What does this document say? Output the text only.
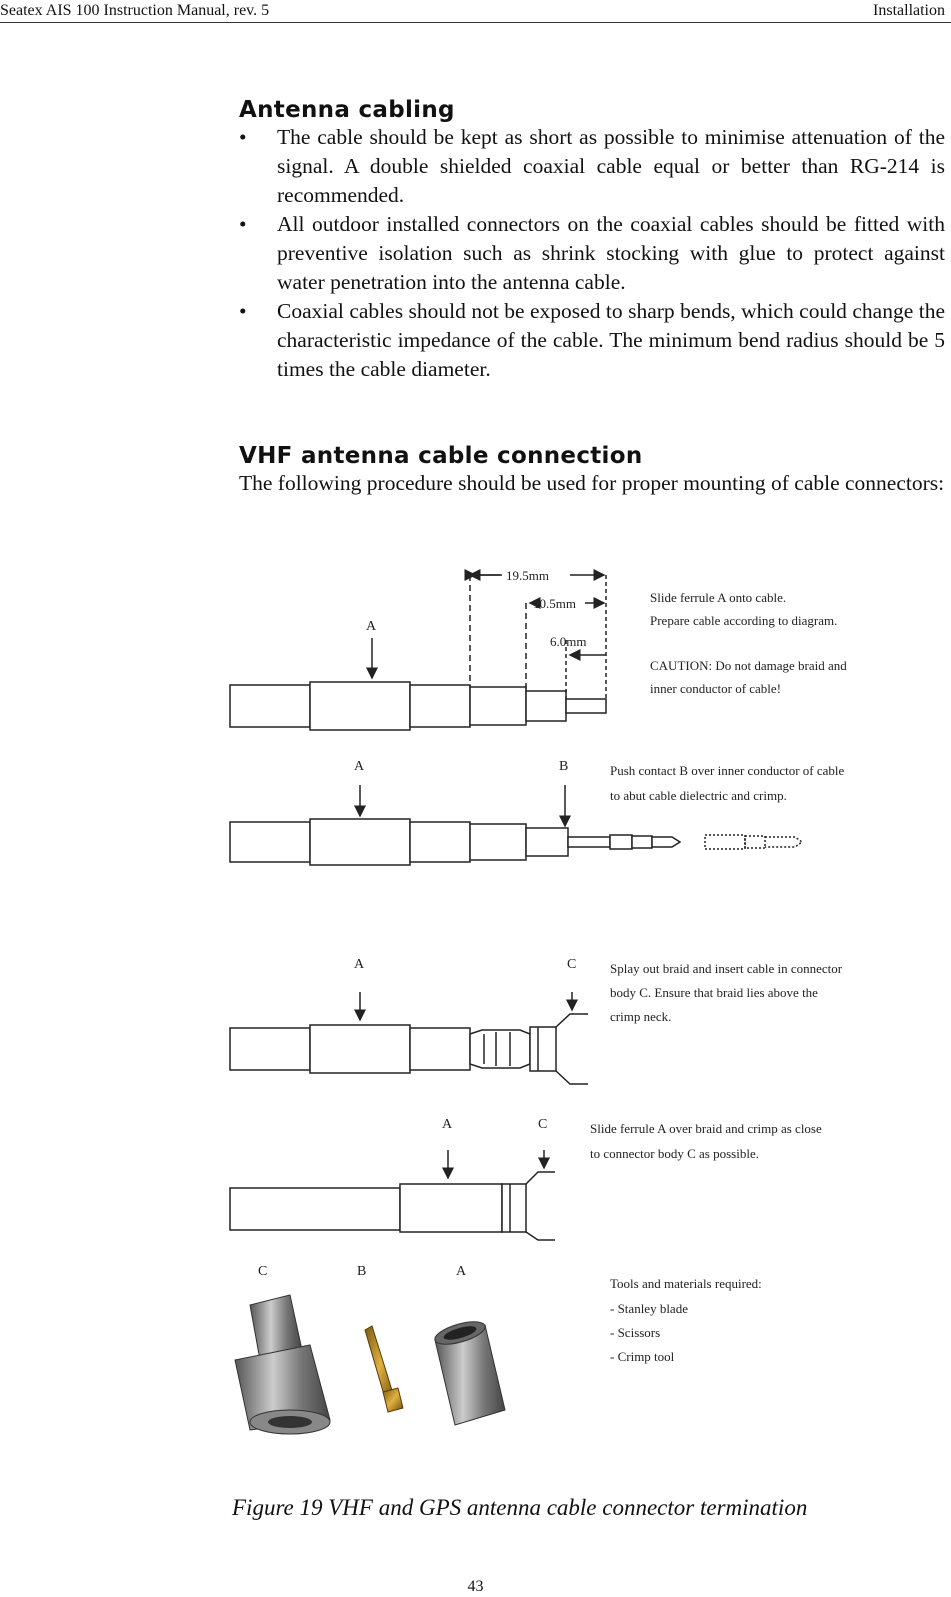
Seatex AIS 100 Instruction Manual, rev. 5	Installation
Antenna cabling
• The cable should be kept as short as possible to minimise attenuation of the signal. A double shielded coaxial cable equal or better than RG-214 is recommended.
• All outdoor installed connectors on the coaxial cables should be fitted with preventive isolation such as shrink stocking with glue to protect against water penetration into the antenna cable.
• Coaxial cables should not be exposed to sharp bends, which could change the characteristic impedance of the cable. The minimum bend radius should be 5 times the cable diameter.
VHF antenna cable connection
The following procedure should be used for proper mounting of cable connectors:
19.5mm
10.5mm
6.0mm
A
Slide ferrule A onto cable.
Prepare cable according to diagram.
CAUTION: Do not damage braid and
inner conductor of cable!
A	B	Push contact B over inner conductor of cable
to abut cable dielectric and crimp.
A	C	Splay out braid and insert cable in connector
body C. Ensure that braid lies above the
crimp neck.
A	C	Slide ferrule A over braid and crimp as close
to connector body C as possible.
C	B	A
Tools and materials required:
- Stanley blade
- Scissors
- Crimp tool
Figure 19 VHF and GPS antenna cable connector termination
43
